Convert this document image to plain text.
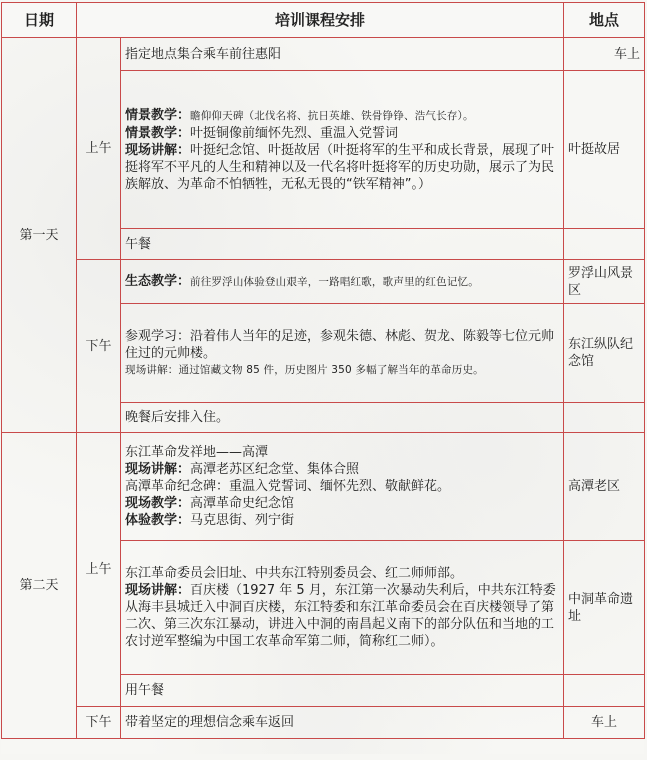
日期	培训课程安排		地点
第一天	上午	指定地点集合乘车前往惠阳	车上

		情景教学：瞻仰仰天碑（北伐名将、抗日英雄、铁骨铮铮、浩气长存）。
情景教学：叶挺铜像前缅怀先烈、重温入党誓词
现场讲解：叶挺纪念馆、叶挺故居（叶挺将军的生平和成长背景，展现了叶挺将军不平凡的人生和精神以及一代名将叶挺将军的历史功勋，展示了为民族解放、为革命不怕牺牲，无私无畏的“铁军精神”。）	叶挺故居
		午餐	
	下午	生态教学：前往罗浮山体验登山艰辛，一路唱红歌，歌声里的红色记忆。	罗浮山风景区

		参观学习：沿着伟人当年的足迹，参观朱德、林彪、贺龙、陈毅等七位元帅住过的元帅楼。
现场讲解：通过馆藏文物 85 件，历史图片 350 多幅了解当年的革命历史。	东江纵队纪念馆
		晚餐后安排入住。	
第二天	上午	东江革命发祥地——高潭
现场讲解：高潭老苏区纪念堂、集体合照
高潭革命纪念碑：重温入党誓词、缅怀先烈、敬献鲜花。
现场教学：高潭革命史纪念馆
体验教学：马克思街、列宁街	高潭老区

		东江革命委员会旧址、中共东江特别委员会、红二师师部。
现场讲解：百庆楼（1927 年 5 月，东江第一次暴动失利后，中共东江特委从海丰县城迁入中洞百庆楼，东江特委和东江革命委员会在百庆楼领导了第二次、第三次东江暴动，讲进入中洞的南昌起义南下的部分队伍和当地的工农讨逆军整编为中国工农革命军第二师，简称红二师）。	中洞革命遗址
		用午餐	
	下午	带着坚定的理想信念乘车返回	车上
